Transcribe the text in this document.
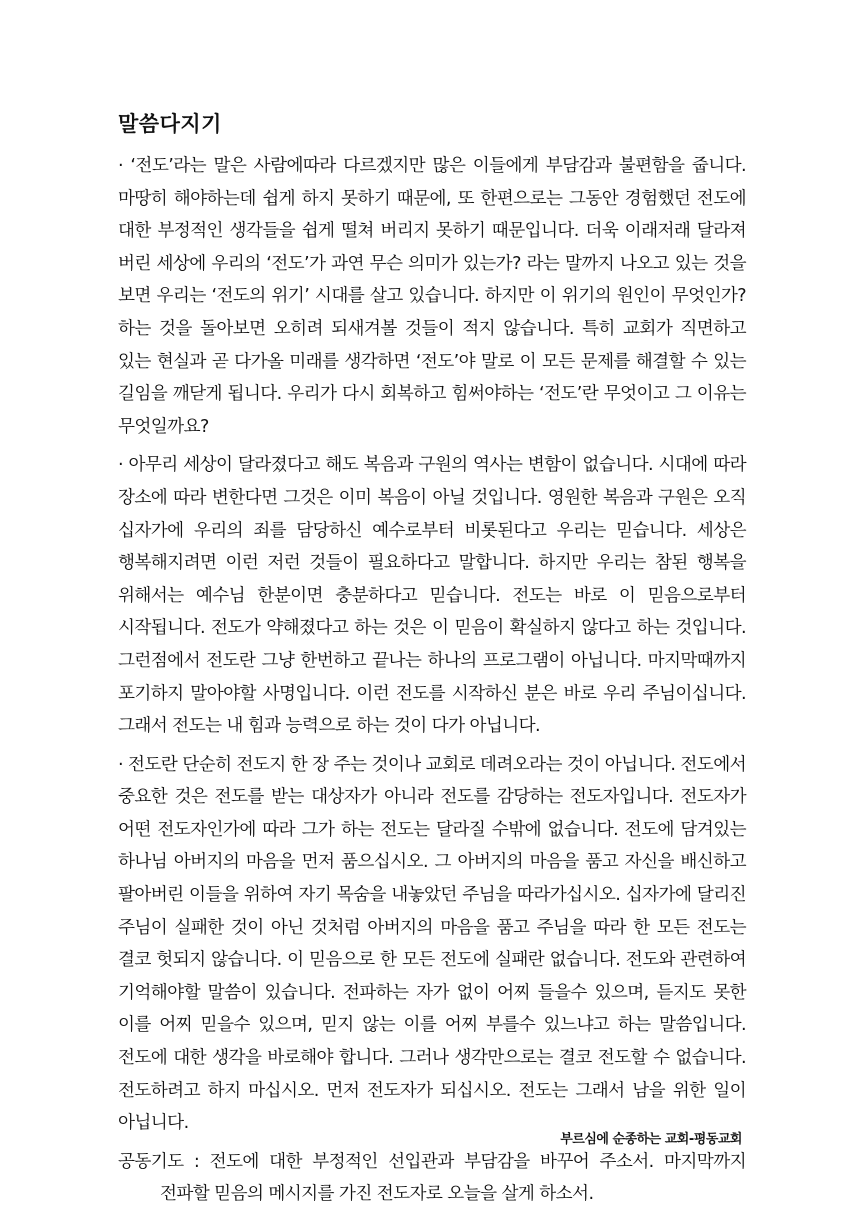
말씀다지기

· ‘전도’라는 말은 사람에따라 다르겠지만 많은 이들에게 부담감과 불편함을 줍니다. 마땅히 해야하는데 쉽게 하지 못하기 때문에, 또 한편으로는 그동안 경험했던 전도에 대한 부정적인 생각들을 쉽게 떨쳐 버리지 못하기 때문입니다. 더욱 이래저래 달라져 버린 세상에 우리의 ‘전도’가 과연 무슨 의미가 있는가? 라는 말까지 나오고 있는 것을 보면 우리는 ‘전도의 위기’ 시대를 살고 있습니다. 하지만 이 위기의 원인이 무엇인가? 하는 것을 돌아보면 오히려 되새겨볼 것들이 적지 않습니다. 특히 교회가 직면하고 있는 현실과 곧 다가올 미래를 생각하면 ‘전도’야 말로 이 모든 문제를 해결할 수 있는 길임을 깨닫게 됩니다. 우리가 다시 회복하고 힘써야하는 ‘전도’란 무엇이고 그 이유는 무엇일까요?

· 아무리 세상이 달라졌다고 해도 복음과 구원의 역사는 변함이 없습니다. 시대에 따라 장소에 따라 변한다면 그것은 이미 복음이 아닐 것입니다. 영원한 복음과 구원은 오직 십자가에 우리의 죄를 담당하신 예수로부터 비롯된다고 우리는 믿습니다. 세상은 행복해지려면 이런 저런 것들이 필요하다고 말합니다. 하지만 우리는 참된 행복을 위해서는 예수님 한분이면 충분하다고 믿습니다. 전도는 바로 이 믿음으로부터 시작됩니다. 전도가 약해졌다고 하는 것은 이 믿음이 확실하지 않다고 하는 것입니다. 그런점에서 전도란 그냥 한번하고 끝나는 하나의 프로그램이 아닙니다. 마지막때까지 포기하지 말아야할 사명입니다. 이런 전도를 시작하신 분은 바로 우리 주님이십니다. 그래서 전도는 내 힘과 능력으로 하는 것이 다가 아닙니다.

· 전도란 단순히 전도지 한 장 주는 것이나 교회로 데려오라는 것이 아닙니다. 전도에서 중요한 것은 전도를 받는 대상자가 아니라 전도를 감당하는 전도자입니다. 전도자가 어떤 전도자인가에 따라 그가 하는 전도는 달라질 수밖에 없습니다. 전도에 담겨있는 하나님 아버지의 마음을 먼저 품으십시오. 그 아버지의 마음을 품고 자신을 배신하고 팔아버린 이들을 위하여 자기 목숨을 내놓았던 주님을 따라가십시오. 십자가에 달리진 주님이 실패한 것이 아닌 것처럼 아버지의 마음을 품고 주님을 따라 한 모든 전도는 결코 헛되지 않습니다. 이 믿음으로 한 모든 전도에 실패란 없습니다. 전도와 관련하여 기억해야할 말씀이 있습니다. 전파하는 자가 없이 어찌 들을수 있으며, 듣지도 못한 이를 어찌 믿을수 있으며, 믿지 않는 이를 어찌 부를수 있느냐고 하는 말씀입니다. 전도에 대한 생각을 바로해야 합니다. 그러나 생각만으로는 결코 전도할 수 없습니다. 전도하려고 하지 마십시오. 먼저 전도자가 되십시오. 전도는 그래서 남을 위한 일이 아닙니다.

공동기도 : 전도에 대한 부정적인 선입관과 부담감을 바꾸어 주소서. 마지막까지 전파할 믿음의 메시지를 가진 전도자로 오늘을 살게 하소서.

부르심에 순종하는 교회-평동교회
